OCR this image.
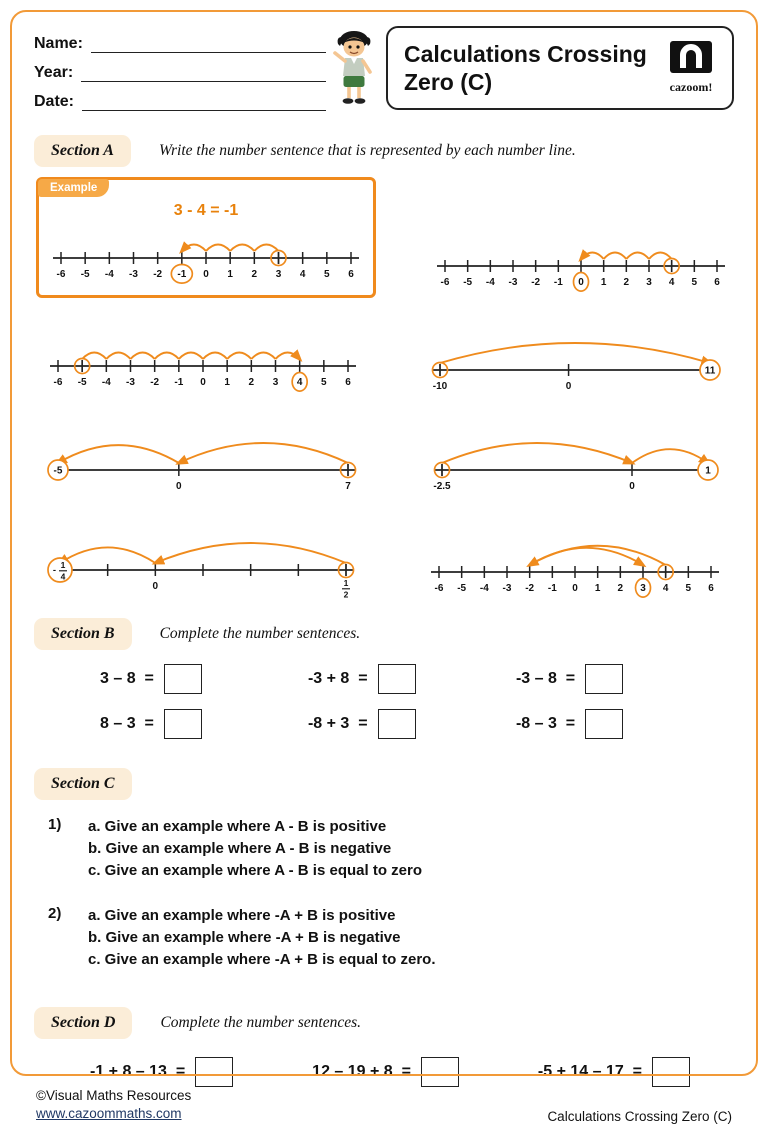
Name:
Year:
Date:
Calculations Crossing
Zero (C)	cazoom!
Section A	Write the number sentence that is represented by each number line.
Example
3 - 4 = -1
-6 -5 -4 -3 -2 -1 0 1 2 3 4 5 6
-6 -5 -4 -3 -2 -1 0 1 2 3 4 5 6
-6 -5 -4 -3 -2 -1 0 1 2 3 4 5 6	-10	0
11
-5
0	7	-2.5	0
1
- 1
4
0	1
2
-6 -5 -4 -3 -2 -1 0 1 2 3 4 5 6
Section B	Complete the number sentences.
3 – 8  =	-3 + 8  =	-3 – 8  =
8 – 3  =	-8 + 3  =	-8 – 3  =
Section C
1)	a. Give an example where A - B is positive
b. Give an example where A - B is negative
c. Give an example where A - B is equal to zero
2)	a. Give an example where -A + B is positive
b. Give an example where -A + B is negative
c. Give an example where -A + B is equal to zero.
Section D	Complete the number sentences.
-1 + 8 – 13  =	12 – 19 + 8  =	-5 + 14 – 17  =
©Visual Maths Resources
www.cazoommaths.com	Calculations Crossing Zero (C)
